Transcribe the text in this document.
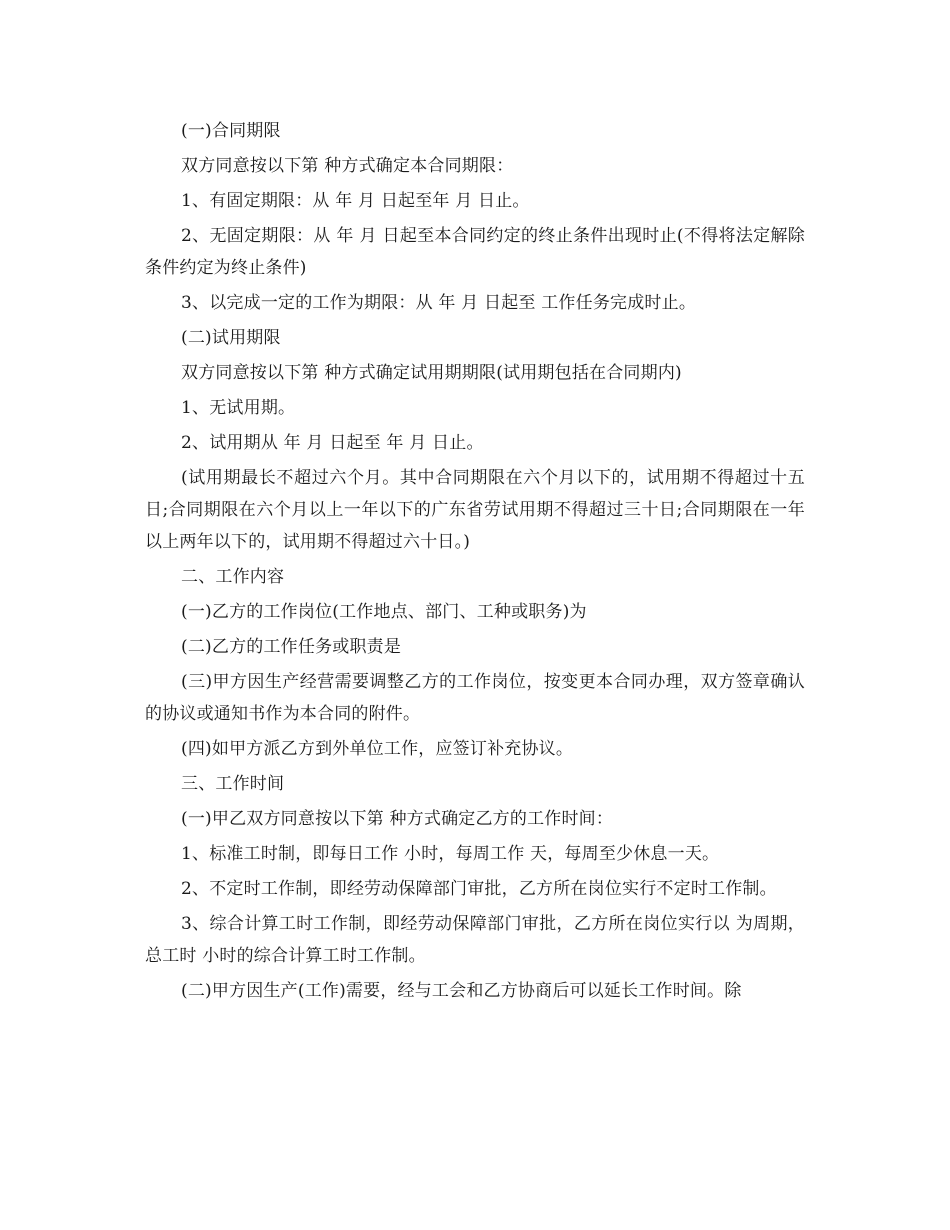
(一)合同期限

双方同意按以下第 种方式确定本合同期限：

1、有固定期限：从 年 月 日起至年 月 日止。

2、无固定期限：从 年 月 日起至本合同约定的终止条件出现时止(不得将法定解除条件约定为终止条件)

3、以完成一定的工作为期限：从 年 月 日起至 工作任务完成时止。

(二)试用期限

双方同意按以下第 种方式确定试用期期限(试用期包括在合同期内)

1、无试用期。

2、试用期从 年 月 日起至 年 月 日止。

(试用期最长不超过六个月。其中合同期限在六个月以下的，试用期不得超过十五日;合同期限在六个月以上一年以下的广东省劳试用期不得超过三十日;合同期限在一年以上两年以下的，试用期不得超过六十日。)

二、工作内容

(一)乙方的工作岗位(工作地点、部门、工种或职务)为

(二)乙方的工作任务或职责是

(三)甲方因生产经营需要调整乙方的工作岗位，按变更本合同办理，双方签章确认的协议或通知书作为本合同的附件。

(四)如甲方派乙方到外单位工作，应签订补充协议。

三、工作时间

(一)甲乙双方同意按以下第 种方式确定乙方的工作时间：

1、标准工时制，即每日工作 小时，每周工作 天，每周至少休息一天。

2、不定时工作制，即经劳动保障部门审批，乙方所在岗位实行不定时工作制。

3、综合计算工时工作制，即经劳动保障部门审批，乙方所在岗位实行以 为周期，总工时 小时的综合计算工时工作制。

(二)甲方因生产(工作)需要，经与工会和乙方协商后可以延长工作时间。除
